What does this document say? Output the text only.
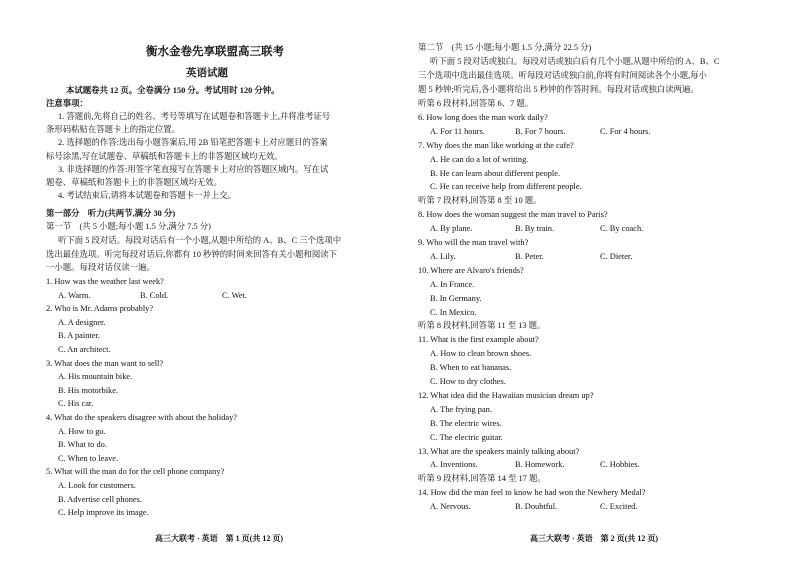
衡水金卷先享联盟高三联考
英语试题
本试题卷共 12 页。全卷满分 150 分。考试用时 120 分钟。
注意事项：
1. 答题前,先将自己的姓名、考号等填写在试题卷和答题卡上,并将准考证号
条形码粘贴在答题卡上的指定位置。
2. 选择题的作答:选出每小题答案后,用 2B 铅笔把答题卡上对应题目的答案
标号涂黑,写在试题卷、草稿纸和答题卡上的非答题区域均无效。
3. 非选择题的作答:用签字笔直接写在答题卡上对应的答题区域内。写在试
题卷、草稿纸和答题卡上的非答题区域均无效。
4. 考试结束后,请将本试题卷和答题卡一并上交。
第一部分　听力(共两节,满分 30 分)
第一节　(共 5 小题;每小题 1.5 分,满分 7.5 分)
听下面 5 段对话。每段对话后有一个小题,从题中所给的 A、B、C 三个选项中
选出最佳选项。听完每段对话后,你都有 10 秒钟的时间来回答有关小题和阅读下
一小题。每段对话仅读一遍。
1. How was the weather last week?
A. Warm.	B. Cold.	C. Wet.
2. Who is Mr. Adams probably?
A. A designer.
B. A painter.
C. An architect.
3. What does the man want to sell?
A. His mountain bike.
B. His motorbike.
C. His car.
4. What do the speakers disagree with about the holiday?
A. How to go.
B. What to do.
C. When to leave.
5. What will the man do for the cell phone company?
A. Look for customers.
B. Advertise cell phones.
C. Help improve its image.
第二节　(共 15 小题;每小题 1.5 分,满分 22.5 分)
听下面 5 段对话或独白。每段对话或独白后有几个小题,从题中所给的 A、B、C
三个选项中选出最佳选项。听每段对话或独白前,你将有时间阅读各个小题,每小
题 5 秒钟;听完后,各小题将给出 5 秒钟的作答时间。每段对话或独白读两遍。
听第 6 段材料,回答第 6、7 题。
6. How long does the man work daily?
A. For 11 hours.	B. For 7 hours.	C. For 4 hours.
7. Why does the man like working at the cafe?
A. He can do a lot of writing.
B. He can learn about different people.
C. He can receive help from different people.
听第 7 段材料,回答第 8 至 10 题。
8. How does the woman suggest the man travel to Paris?
A. By plane.	B. By train.	C. By coach.
9. Who will the man travel with?
A. Lily.	B. Peter.	C. Dieter.
10. Where are Alvaro's friends?
A. In France.
B. In Germany.
C. In Mexico.
听第 8 段材料,回答第 11 至 13 题。
11. What is the first example about?
A. How to clean brown shoes.
B. When to eat bananas.
C. How to dry clothes.
12. What idea did the Hawaiian musician dream up?
A. The frying pan.
B. The electric wires.
C. The electric guitar.
13. What are the speakers mainly talking about?
A. Inventions.	B. Homework.	C. Hobbies.
听第 9 段材料,回答第 14 至 17 题。
14. How did the man feel to know he had won the Newbery Medal?
A. Nervous.	B. Doubtful.	C. Excited.
高三大联考 · 英语　第 1 页(共 12 页)	高三大联考 · 英语　第 2 页(共 12 页)
